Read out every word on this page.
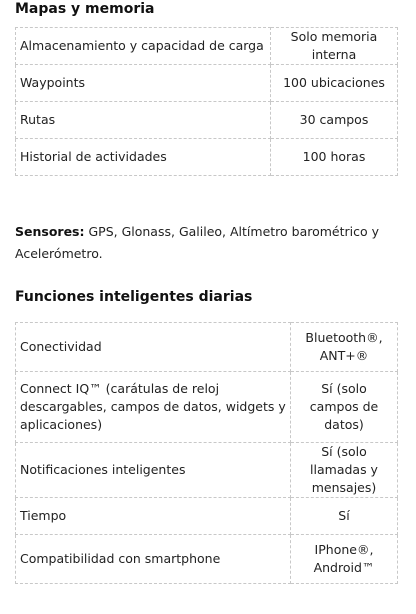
Mapas y memoria
Almacenamiento y capacidad de carga	Solo memoria interna
Waypoints	100 ubicaciones
Rutas	30 campos
Historial de actividades	100 horas
Sensores: GPS, Glonass, Galileo, Altímetro barométrico y Acelerómetro.
Funciones inteligentes diarias
Conectividad	Bluetooth®, ANT+®
Connect IQ™ (carátulas de reloj descargables, campos de datos, widgets y aplicaciones)	Sí (solo campos de datos)
Notificaciones inteligentes	Sí (solo llamadas y mensajes)
Tiempo	Sí
Compatibilidad con smartphone	IPhone®, Android™
